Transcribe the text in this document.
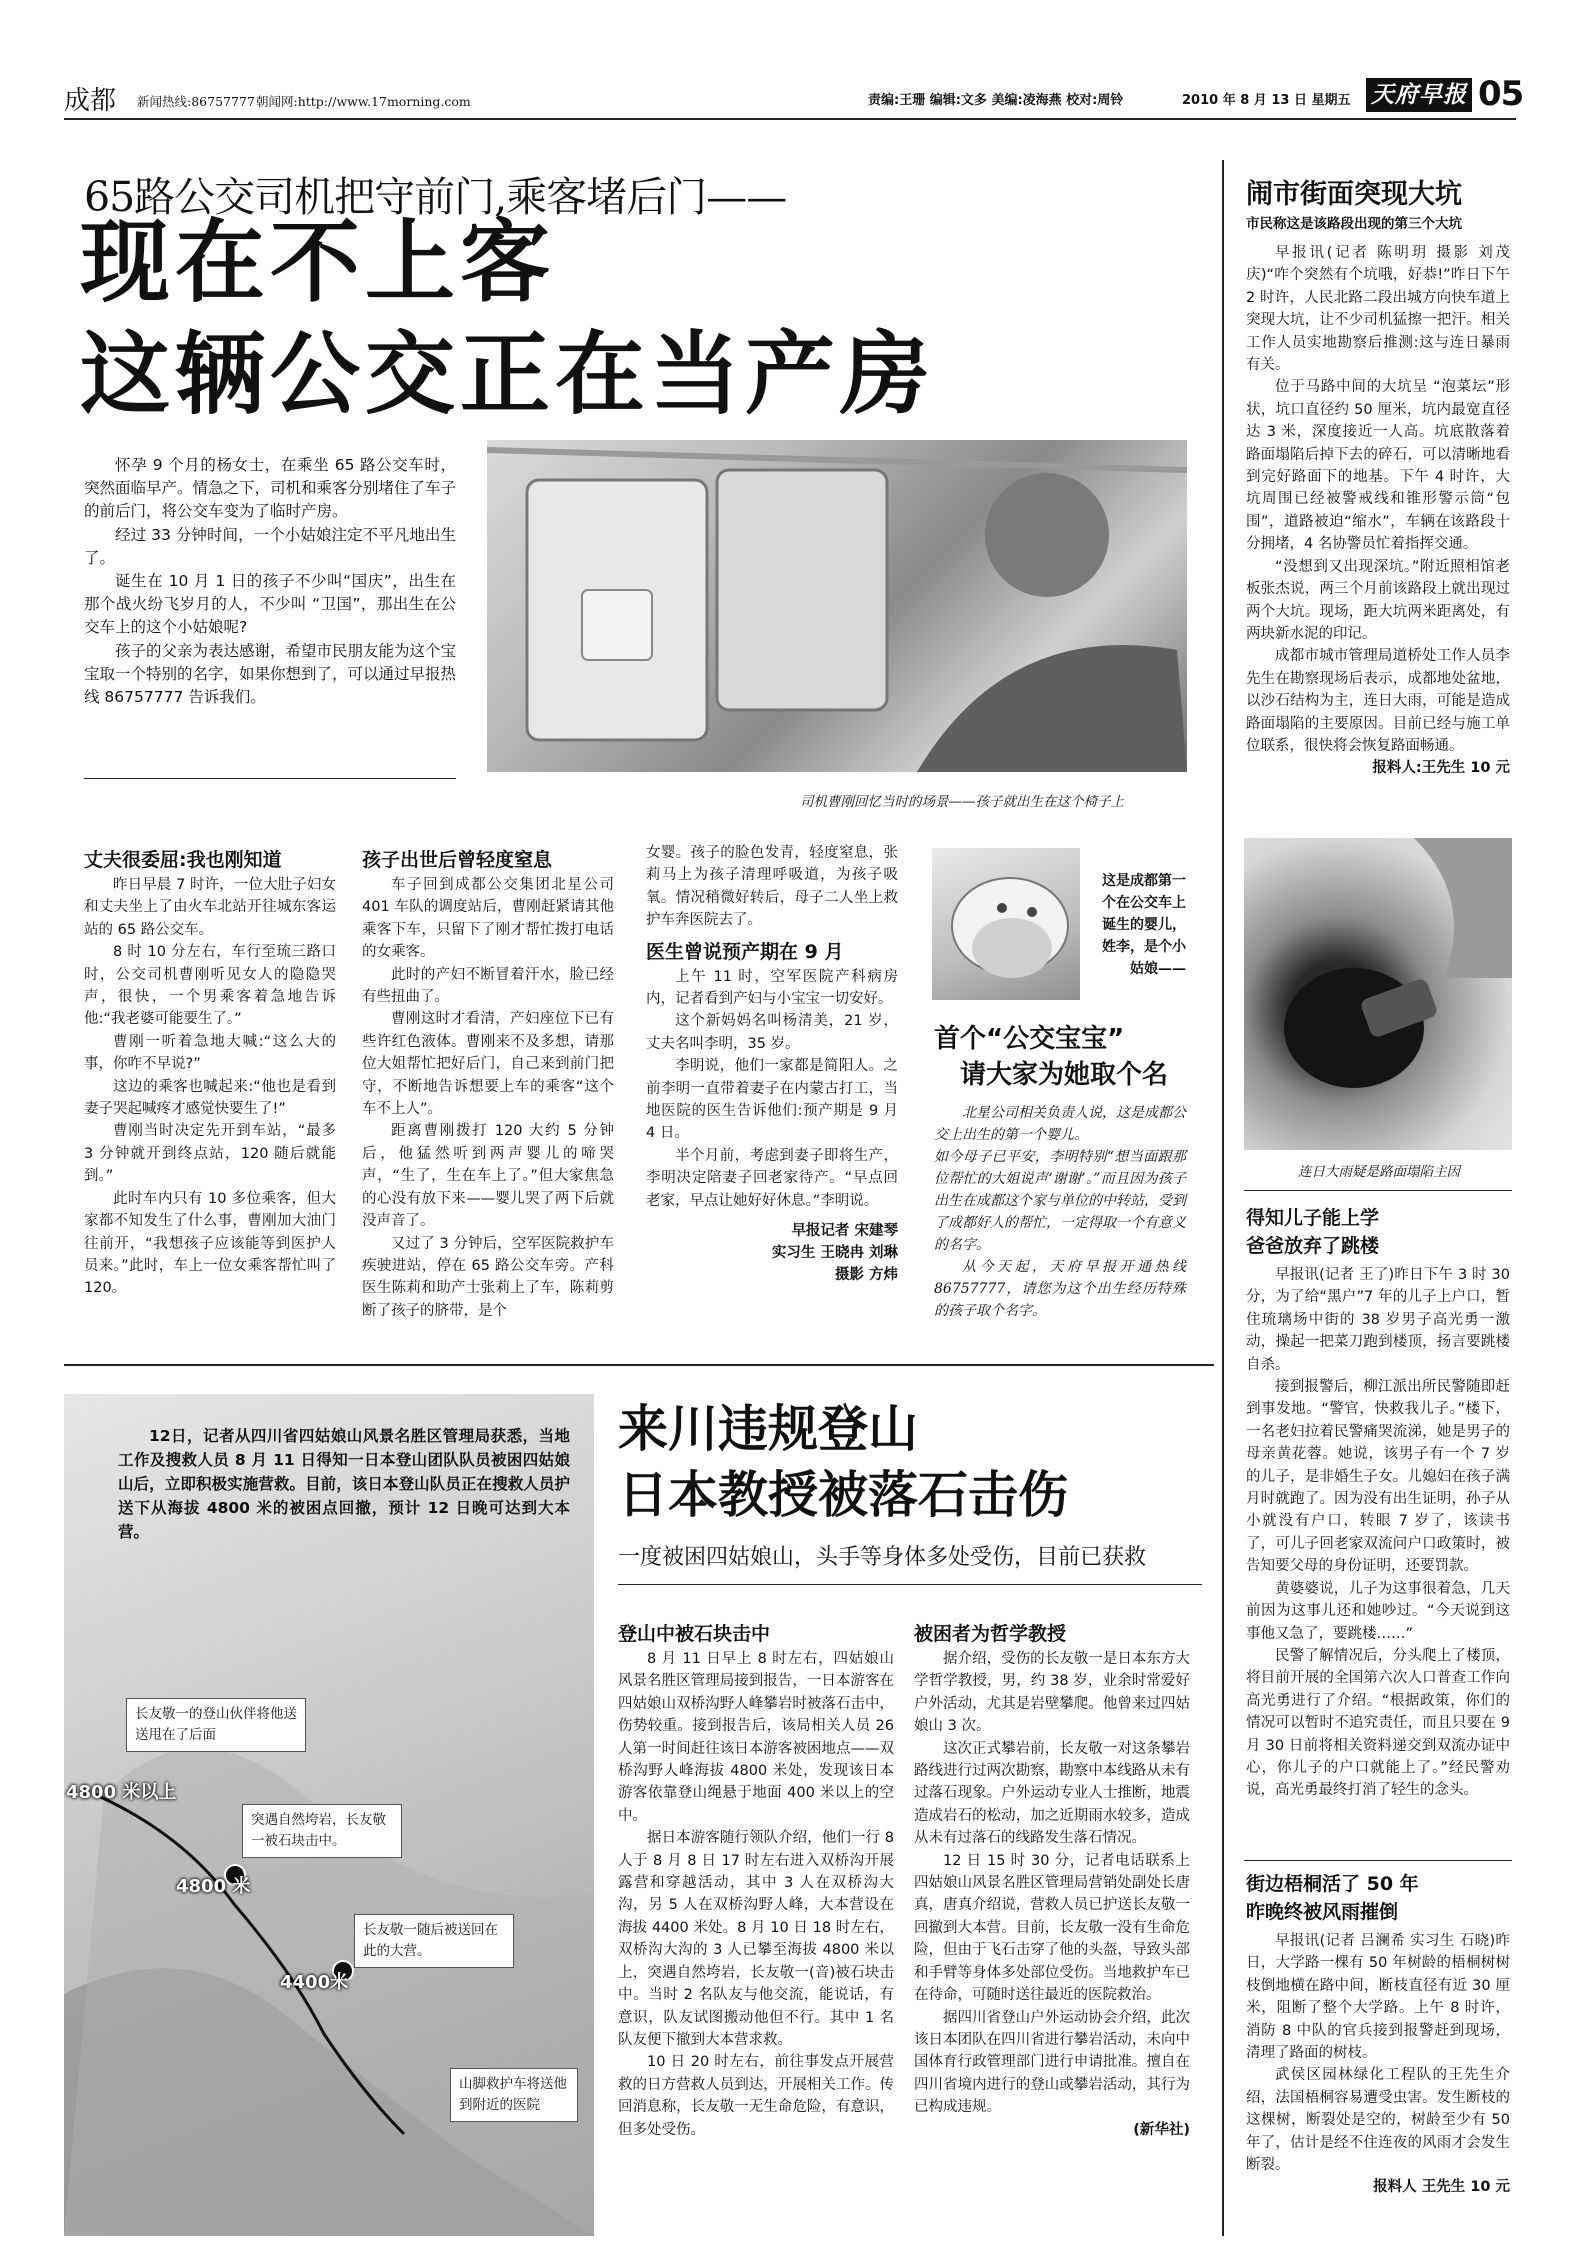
成都 新闻热线:86757777 朝闻网:http://www.17morning.com	责编:王珊 编辑:文多 美编:凌海燕 校对:周铃	2010 年 8 月 13 日 星期五 天府早报 05
65路公交司机把守前门,乘客堵后门——
现在不上客
这辆公交正在当产房

怀孕 9 个月的杨女士，在乘坐 65 路公交车时，突然面临早产。情急之下，司机和乘客分别堵住了车子的前后门，将公交车变为了临时产房。

经过 33 分钟时间，一个小姑娘注定不平凡地出生了。

诞生在 10 月 1 日的孩子不少叫“国庆”，出生在那个战火纷飞岁月的人，不少叫 “卫国”，那出生在公交车上的这个小姑娘呢?

孩子的父亲为表达感谢，希望市民朋友能为这个宝宝取一个特别的名字，如果你想到了，可以通过早报热线 86757777 告诉我们。

司机曹刚回忆当时的场景——孩子就出生在这个椅子上
丈夫很委屈:我也刚知道

昨日早晨 7 时许，一位大肚子妇女和丈夫坐上了由火车北站开往城东客运站的 65 路公交车。

8 时 10 分左右，车行至琉三路口时，公交司机曹刚听见女人的隐隐哭声，很快，一个男乘客着急地告诉他:“我老婆可能要生了。”

曹刚一听着急地大喊:“这么大的事，你咋不早说?”

这边的乘客也喊起来:“他也是看到妻子哭起喊疼才感觉快要生了!”

曹刚当时决定先开到车站，“最多 3 分钟就开到终点站，120 随后就能到。”

此时车内只有 10 多位乘客，但大家都不知发生了什么事，曹刚加大油门往前开，“我想孩子应该能等到医护人员来。”此时，车上一位女乘客帮忙叫了 120。

孩子出世后曾轻度窒息

车子回到成都公交集团北星公司 401 车队的调度站后，曹刚赶紧请其他乘客下车，只留下了刚才帮忙拨打电话的女乘客。

此时的产妇不断冒着汗水，脸已经有些扭曲了。

曹刚这时才看清，产妇座位下已有些许红色液体。曹刚来不及多想，请那位大姐帮忙把好后门，自己来到前门把守，不断地告诉想要上车的乘客“这个车不上人”。

距离曹刚拨打 120 大约 5 分钟后，他猛然听到两声婴儿的啼哭声，“生了，生在车上了。”但大家焦急的心没有放下来——婴儿哭了两下后就没声音了。

又过了 3 分钟后，空军医院救护车疾驶进站，停在 65 路公交车旁。产科医生陈莉和助产士张莉上了车，陈莉剪断了孩子的脐带，是个

女婴。孩子的脸色发青，轻度窒息，张莉马上为孩子清理呼吸道，为孩子吸氧。情况稍微好转后，母子二人坐上救护车奔医院去了。

医生曾说预产期在 9 月

上午 11 时，空军医院产科病房内，记者看到产妇与小宝宝一切安好。

这个新妈妈名叫杨清美，21 岁，丈夫名叫李明，35 岁。

李明说，他们一家都是简阳人。之前李明一直带着妻子在内蒙古打工，当地医院的医生告诉他们:预产期是 9 月 4 日。

半个月前，考虑到妻子即将生产，李明决定陪妻子回老家待产。“早点回老家，早点让她好好休息。”李明说。

早报记者 宋建琴
实习生 王晓冉 刘琳
摄影 方炜
这是成都第一个在公交车上诞生的婴儿，姓李，是个小姑娘——
首个“公交宝宝”
请大家为她取个名

北星公司相关负责人说，这是成都公交上出生的第一个婴儿。

如今母子已平安，李明特别“想当面跟那位帮忙的大姐说声‘谢谢’。”而且因为孩子出生在成都这个家与单位的中转站，受到了成都好人的帮忙，一定得取一个有意义的名字。

从今天起，天府早报开通热线 86757777，请您为这个出生经历特殊的孩子取个名字。

闹市街面突现大坑
市民称这是该路段出现的第三个大坑

早报讯(记者 陈明玥 摄影 刘茂庆)“咋个突然有个坑哦，好恭!”昨日下午 2 时许，人民北路二段出城方向快车道上突现大坑，让不少司机猛擦一把汗。相关工作人员实地勘察后推测:这与连日暴雨有关。

位于马路中间的大坑呈 “泡菜坛”形状，坑口直径约 50 厘米，坑内最宽直径达 3 米，深度接近一人高。坑底散落着路面塌陷后掉下去的碎石，可以清晰地看到完好路面下的地基。下午 4 时许，大坑周围已经被警戒线和锥形警示筒“包围”，道路被迫“缩水”，车辆在该路段十分拥堵，4 名协警员忙着指挥交通。

“没想到又出现深坑。”附近照相馆老板张杰说，两三个月前该路段上就出现过两个大坑。现场，距大坑两米距离处，有两块新水泥的印记。

成都市城市管理局道桥处工作人员李先生在勘察现场后表示，成都地处盆地，以沙石结构为主，连日大雨，可能是造成路面塌陷的主要原因。目前已经与施工单位联系，很快将会恢复路面畅通。

报料人:王先生 10 元
连日大雨疑是路面塌陷主因
得知儿子能上学
爸爸放弃了跳楼

早报讯(记者 王了)昨日下午 3 时 30 分，为了给“黑户”7 年的儿子上户口，暂住琉璃场中街的 38 岁男子高光勇一激动，操起一把菜刀跑到楼顶，扬言要跳楼自杀。

接到报警后，柳江派出所民警随即赶到事发地。“警官，快救我儿子。”楼下，一名老妇拉着民警痛哭流涕，她是男子的母亲黄花蓉。她说，该男子有一个 7 岁的儿子，是非婚生子女。儿媳妇在孩子满月时就跑了。因为没有出生证明，孙子从小就没有户口，转眼 7 岁了，该读书了，可儿子回老家双流问户口政策时，被告知要父母的身份证明，还要罚款。

黄婆婆说，儿子为这事很着急，几天前因为这事儿还和她吵过。“今天说到这事他又急了，要跳楼……”

民警了解情况后，分头爬上了楼顶，将目前开展的全国第六次人口普查工作向高光勇进行了介绍。“根据政策，你们的情况可以暂时不追究责任，而且只要在 9 月 30 日前将相关资料递交到双流办证中心，你儿子的户口就能上了。”经民警劝说，高光勇最终打消了轻生的念头。

街边梧桐活了 50 年
昨晚终被风雨摧倒

早报讯(记者 吕澜希 实习生 石晓)昨日，大学路一棵有 50 年树龄的梧桐树树枝倒地横在路中间，断枝直径有近 30 厘米，阻断了整个大学路。上午 8 时许，消防 8 中队的官兵接到报警赶到现场，清理了路面的树枝。

武侯区园林绿化工程队的王先生介绍，法国梧桐容易遭受虫害。发生断枝的这棵树，断裂处是空的，树龄至少有 50 年了，估计是经不住连夜的风雨才会发生断裂。

报料人 王先生 10 元
12日，记者从四川省四姑娘山风景名胜区管理局获悉，当地工作及搜救人员 8 月 11 日得知一日本登山团队队员被困四姑娘山后，立即积极实施营救。目前，该日本登山队员正在搜救人员护送下从海拔 4800 米的被困点回撤，预计 12 日晚可达到大本营。
长友敬一的登山伙伴将他送送甩在了后面
4800 米以上
突遇自然垮岩，长友敬一被石块击中。
4800 米
长友敬一随后被送回在此的大营。
4400米
山脚救护车将送他到附近的医院
来川违规登山
日本教授被落石击伤
一度被困四姑娘山，头手等身体多处受伤，目前已获救
登山中被石块击中

8 月 11 日早上 8 时左右，四姑娘山风景名胜区管理局接到报告，一日本游客在四姑娘山双桥沟野人峰攀岩时被落石击中，伤势较重。接到报告后，该局相关人员 26 人第一时间赶往该日本游客被困地点——双桥沟野人峰海拔 4800 米处，发现该日本游客依靠登山绳悬于地面 400 米以上的空中。

据日本游客随行领队介绍，他们一行 8 人于 8 月 8 日 17 时左右进入双桥沟开展露营和穿越活动，其中 3 人在双桥沟大沟，另 5 人在双桥沟野人峰，大本营设在海拔 4400 米处。8 月 10 日 18 时左右，双桥沟大沟的 3 人已攀至海拔 4800 米以上，突遇自然垮岩，长友敬一(音)被石块击中。当时 2 名队友与他交流，能说话，有意识，队友试图搬动他但不行。其中 1 名队友便下撤到大本营求救。

10 日 20 时左右，前往事发点开展营救的日方营救人员到达，开展相关工作。传回消息称，长友敬一无生命危险，有意识，但多处受伤。

被困者为哲学教授

据介绍，受伤的长友敬一是日本东方大学哲学教授，男，约 38 岁，业余时常爱好户外活动，尤其是岩壁攀爬。他曾来过四姑娘山 3 次。

这次正式攀岩前，长友敬一对这条攀岩路线进行过两次勘察，勘察中本线路从未有过落石现象。户外运动专业人士推断，地震造成岩石的松动，加之近期雨水较多，造成从未有过落石的线路发生落石情况。

12 日 15 时 30 分，记者电话联系上四姑娘山风景名胜区管理局营销处副处长唐真，唐真介绍说，营救人员已护送长友敬一回撤到大本营。目前，长友敬一没有生命危险，但由于飞石击穿了他的头盔，导致头部和手臂等身体多处部位受伤。当地救护车已在待命，可随时送往最近的医院救治。

据四川省登山户外运动协会介绍，此次该日本团队在四川省进行攀岩活动，未向中国体育行政管理部门进行申请批准。擅自在四川省境内进行的登山或攀岩活动，其行为已构成违规。

(新华社)
